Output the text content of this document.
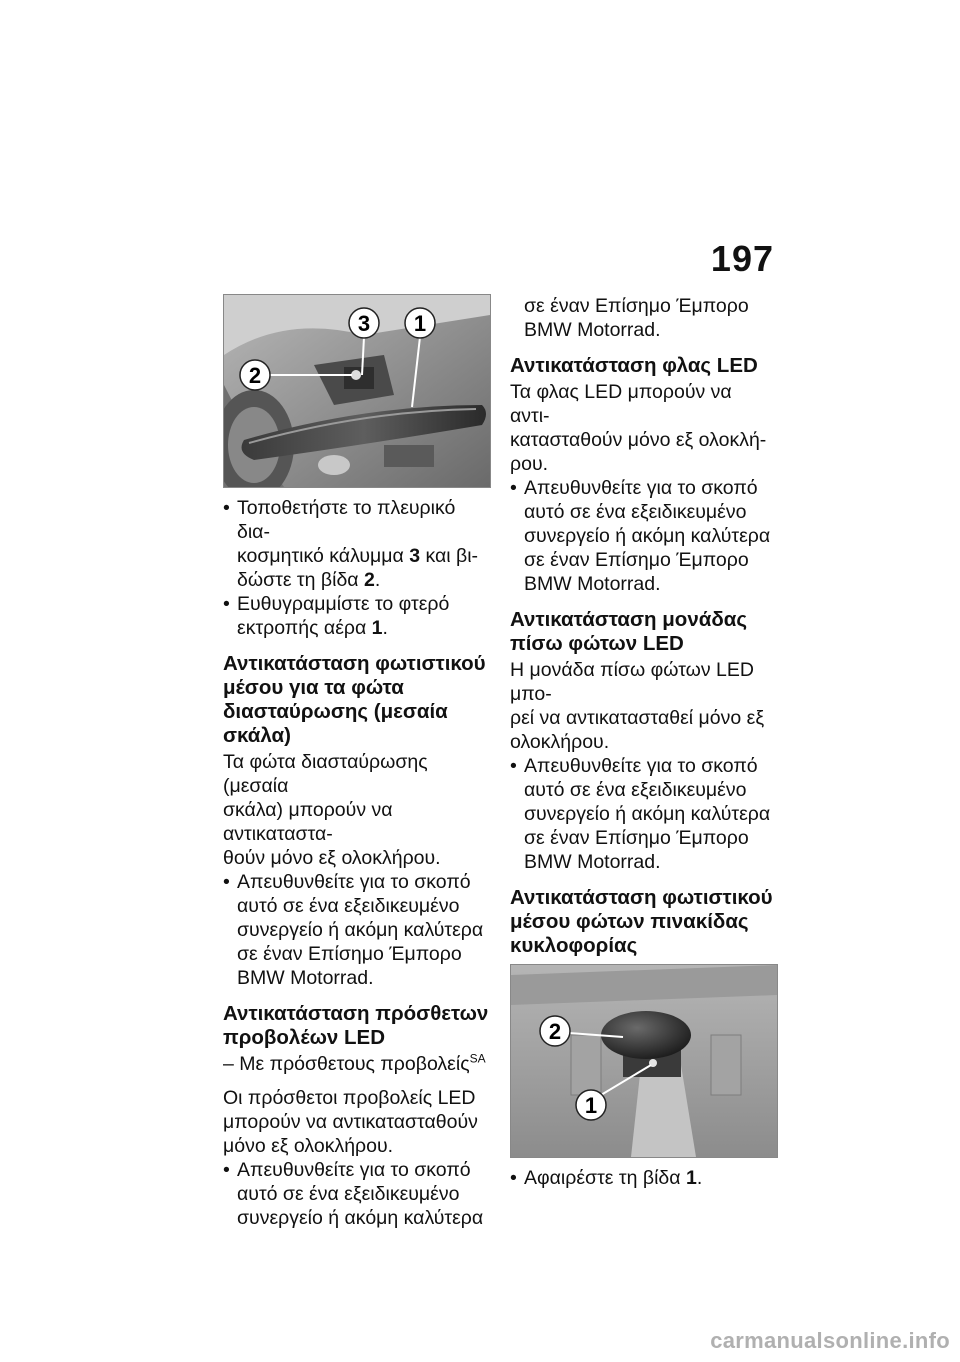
197
3 1
2
• Τοποθετήστε το πλευρικό δια-
κοσμητικό κάλυμμα 3 και βι-
δώστε τη βίδα 2.
• Ευθυγραμμίστε το φτερό
εκτροπής αέρα 1.
Αντικατάσταση φωτιστικού
μέσου για τα φώτα
διασταύρωσης (μεσαία
σκάλα)

Τα φώτα διασταύρωσης (μεσαία
σκάλα) μπορούν να αντικαταστα-
θούν μόνο εξ ολοκλήρου.

• Απευθυνθείτε για το σκοπό
αυτό σε ένα εξειδικευμένο
συνεργείο ή ακόμη καλύτερα
σε έναν Επίσημο Έμπορο
BMW Motorrad.
Αντικατάσταση πρόσθετων
προβολέων LED

– Με πρόσθετους προβολείς$^{SA}$

Οι πρόσθετοι προβολείς LED
μπορούν να αντικατασταθούν
μόνο εξ ολοκλήρου.

• Απευθυνθείτε για το σκοπό
αυτό σε ένα εξειδικευμένο
συνεργείο ή ακόμη καλύτερα

σε έναν Επίσημο Έμπορο
BMW Motorrad.

Αντικατάσταση φλας LED

Τα φλας LED μπορούν να αντι-
κατασταθούν μόνο εξ ολοκλή-
ρου.

• Απευθυνθείτε για το σκοπό
αυτό σε ένα εξειδικευμένο
συνεργείο ή ακόμη καλύτερα
σε έναν Επίσημο Έμπορο
BMW Motorrad.
Αντικατάσταση μονάδας
πίσω φώτων LED

Η μονάδα πίσω φώτων LED μπο-
ρεί να αντικατασταθεί μόνο εξ
ολοκλήρου.

• Απευθυνθείτε για το σκοπό
αυτό σε ένα εξειδικευμένο
συνεργείο ή ακόμη καλύτερα
σε έναν Επίσημο Έμπορο
BMW Motorrad.
Αντικατάσταση φωτιστικού
μέσου φώτων πινακίδας
κυκλοφορίας
2
1
• Αφαιρέστε τη βίδα 1.
carmanualsonline.info
